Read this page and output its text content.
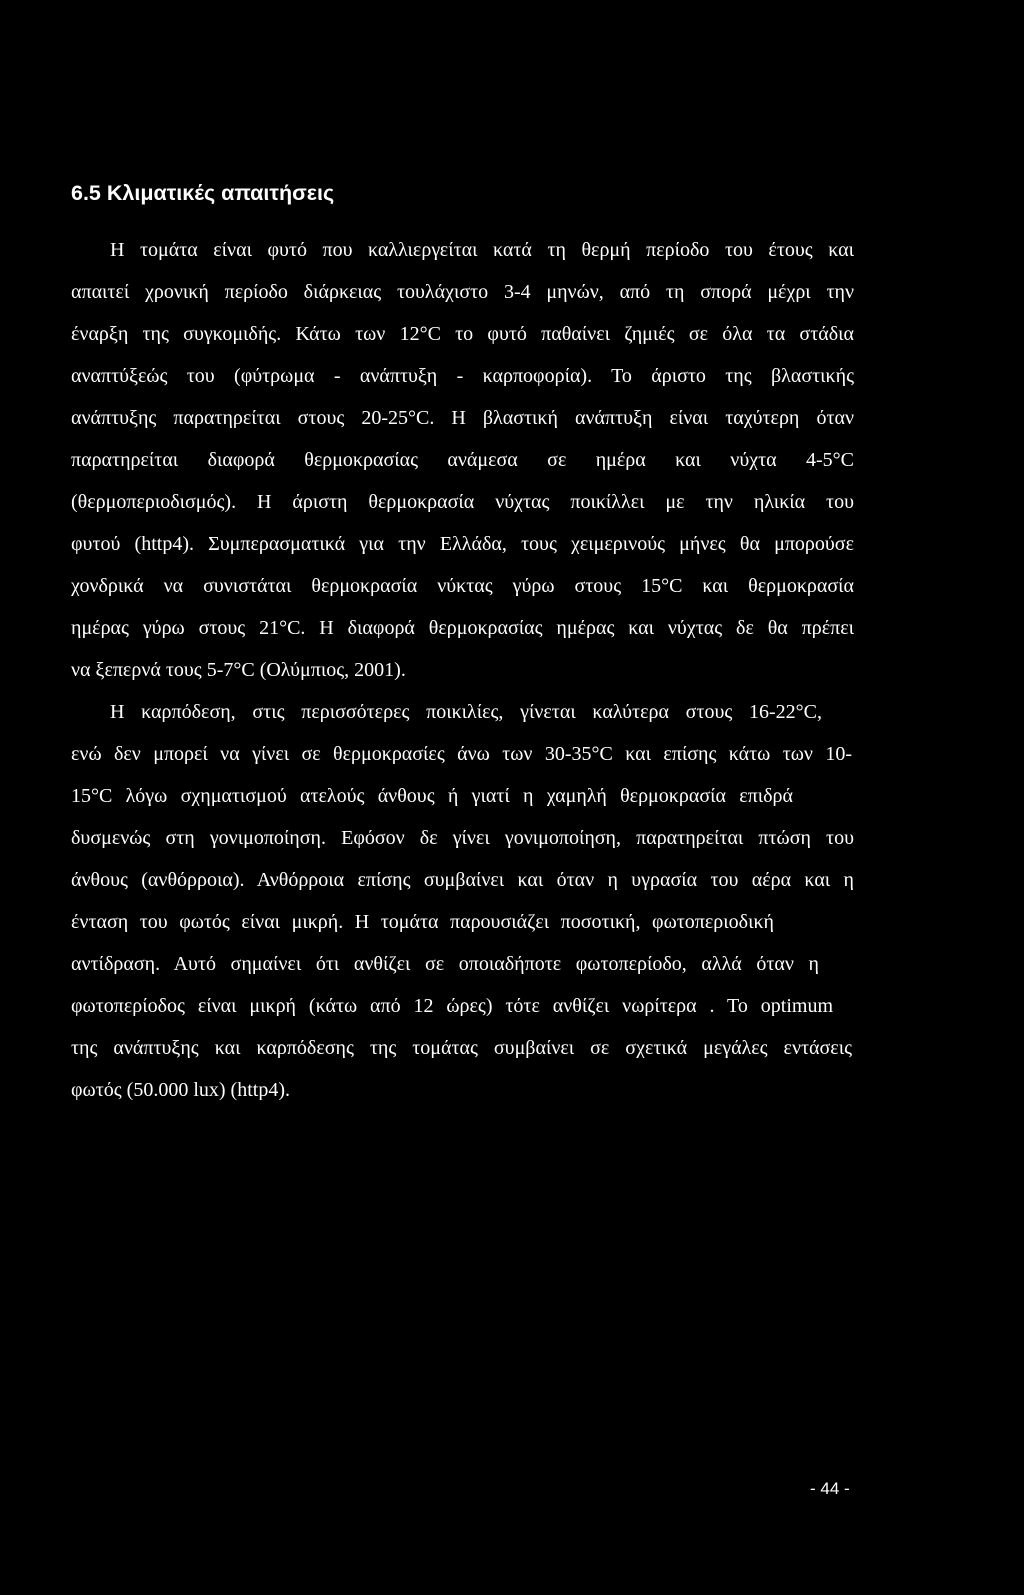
6.5 Κλιματικές απαιτήσεις
Η τομάτα είναι φυτό που καλλιεργείται κατά τη θερμή περίοδο του έτους και
απαιτεί χρονική περίοδο διάρκειας τουλάχιστο 3-4 μηνών, από τη σπορά μέχρι την
έναρξη της συγκομιδής. Κάτω των 12°C το φυτό παθαίνει ζημιές σε όλα τα στάδια
αναπτύξεώς του (φύτρωμα - ανάπτυξη - καρποφορία). Το άριστο της βλαστικής
ανάπτυξης παρατηρείται στους 20-25°C. Η βλαστική ανάπτυξη είναι ταχύτερη όταν
παρατηρείται διαφορά θερμοκρασίας ανάμεσα σε ημέρα και νύχτα 4-5°C
(θερμοπεριοδισμός). Η άριστη θερμοκρασία νύχτας ποικίλλει με την ηλικία του
φυτού (http4). Συμπερασματικά για την Ελλάδα, τους χειμερινούς μήνες θα μπορούσε
χονδρικά να συνιστάται θερμοκρασία νύκτας γύρω στους 15°C και θερμοκρασία
ημέρας γύρω στους 21°C. Η διαφορά θερμοκρασίας ημέρας και νύχτας δε θα πρέπει
να ξεπερνά τους 5-7°C (Ολύμπιος, 2001).
Η καρπόδεση, στις περισσότερες ποικιλίες, γίνεται καλύτερα στους 16-22°C,
ενώ δεν μπορεί να γίνει σε θερμοκρασίες άνω των 30-35°C και επίσης κάτω των 10-
15°C λόγω σχηματισμού ατελούς άνθους ή γιατί η χαμηλή θερμοκρασία επιδρά
δυσμενώς στη γονιμοποίηση. Εφόσον δε γίνει γονιμοποίηση, παρατηρείται πτώση του
άνθους (ανθόρροια). Ανθόρροια επίσης συμβαίνει και όταν η υγρασία του αέρα και η
ένταση του φωτός είναι μικρή. Η τομάτα παρουσιάζει ποσοτική, φωτοπεριοδική
αντίδραση. Αυτό σημαίνει ότι ανθίζει σε οποιαδήποτε φωτοπερίοδο, αλλά όταν η
φωτοπερίοδος είναι μικρή (κάτω από 12 ώρες) τότε ανθίζει νωρίτερα . Το optimum
της ανάπτυξης και καρπόδεσης της τομάτας συμβαίνει σε σχετικά μεγάλες εντάσεις
φωτός (50.000 lux) (http4).
- 44 -
